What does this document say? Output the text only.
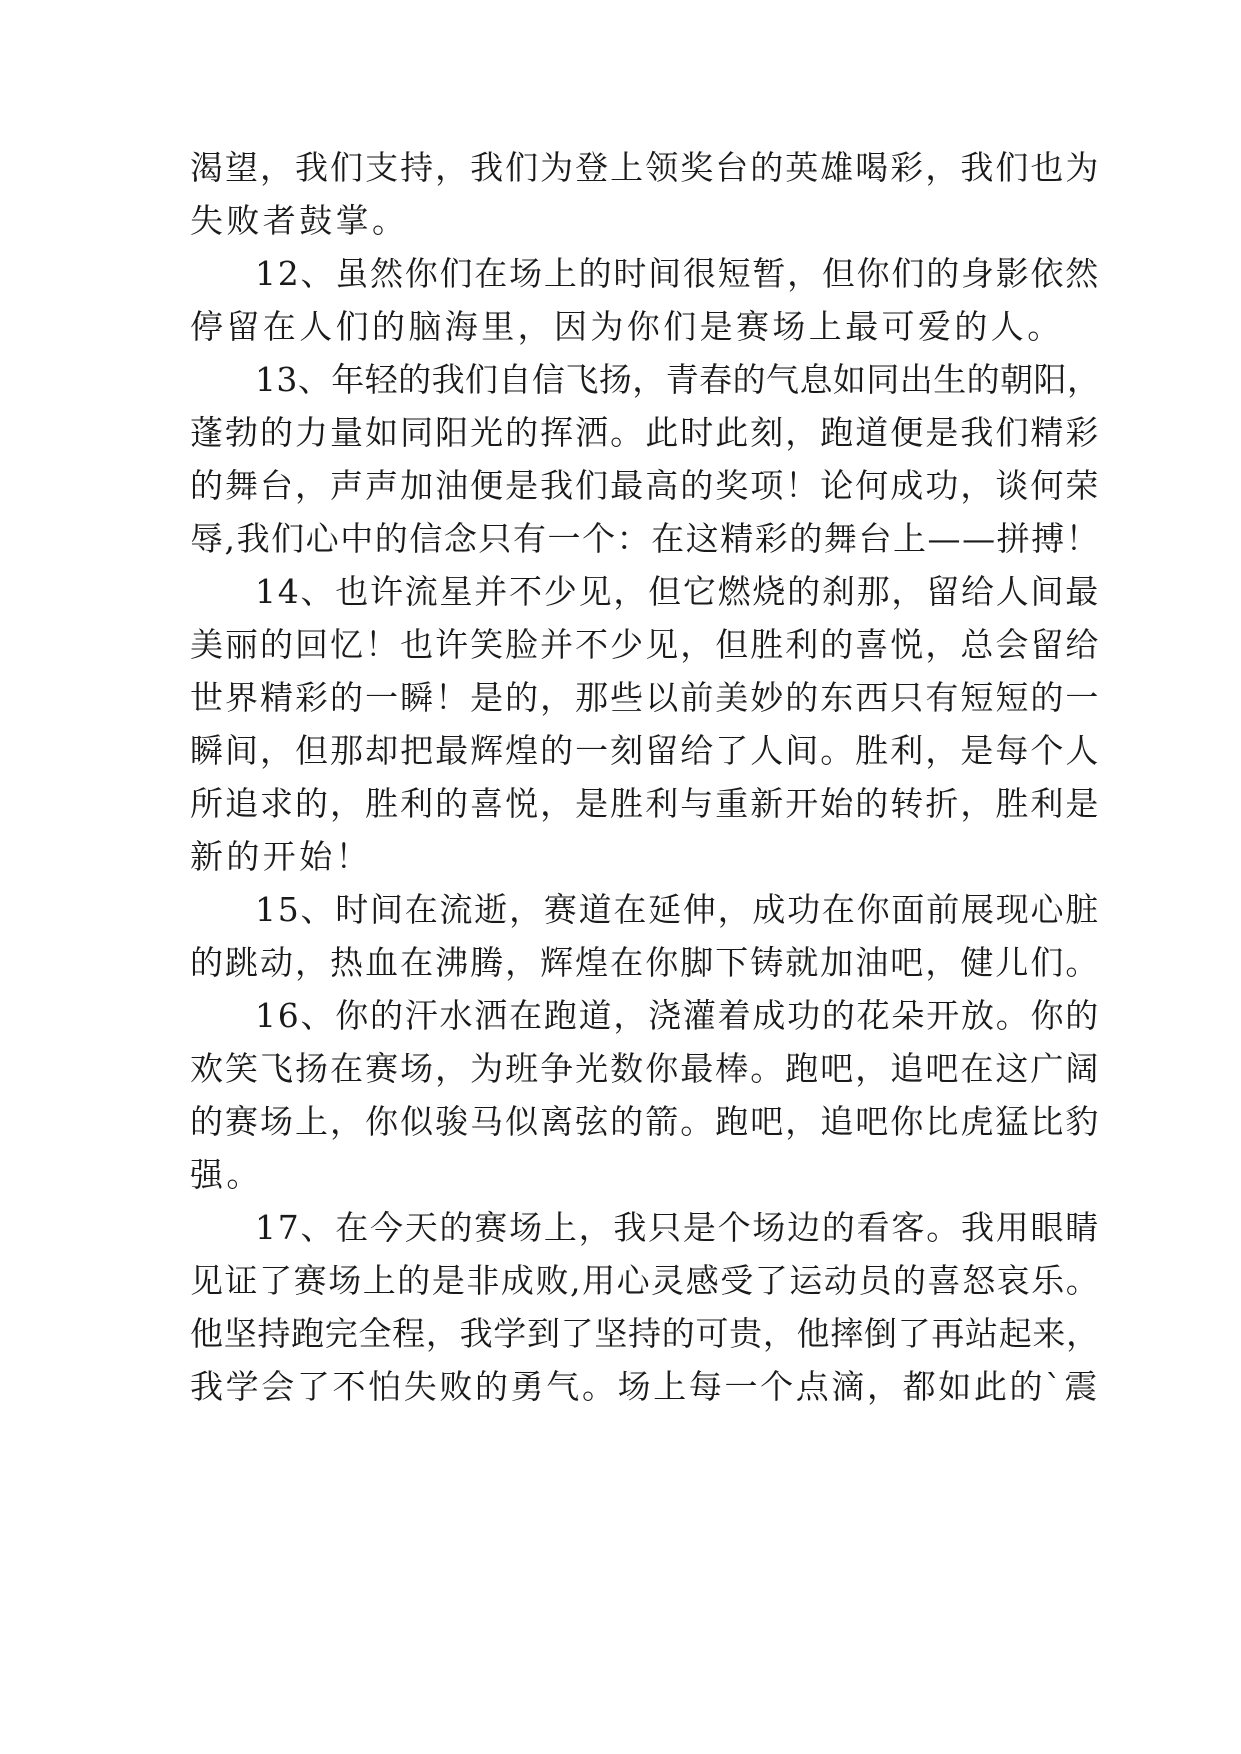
渴望，我们支持，我们为登上领奖台的英雄喝彩，我们也为
失败者鼓掌。
12、虽然你们在场上的时间很短暂，但你们的身影依然
停留在人们的脑海里，因为你们是赛场上最可爱的人。
13、年轻的我们自信飞扬，青春的气息如同出生的朝阳，
蓬勃的力量如同阳光的挥洒。此时此刻，跑道便是我们精彩
的舞台，声声加油便是我们最高的奖项！论何成功，谈何荣
辱,我们心中的信念只有一个：在这精彩的舞台上——拼搏！
14、也许流星并不少见，但它燃烧的刹那，留给人间最
美丽的回忆！也许笑脸并不少见，但胜利的喜悦，总会留给
世界精彩的一瞬！是的，那些以前美妙的东西只有短短的一
瞬间，但那却把最辉煌的一刻留给了人间。胜利，是每个人
所追求的，胜利的喜悦，是胜利与重新开始的转折，胜利是
新的开始！
15、时间在流逝，赛道在延伸，成功在你面前展现心脏
的跳动，热血在沸腾，辉煌在你脚下铸就加油吧，健儿们。
16、你的汗水洒在跑道，浇灌着成功的花朵开放。你的
欢笑飞扬在赛场，为班争光数你最棒。跑吧，追吧在这广阔
的赛场上，你似骏马似离弦的箭。跑吧，追吧你比虎猛比豹
强。
17、在今天的赛场上，我只是个场边的看客。我用眼睛
见证了赛场上的是非成败,用心灵感受了运动员的喜怒哀乐。
他坚持跑完全程，我学到了坚持的可贵，他摔倒了再站起来，
我学会了不怕失败的勇气。场上每一个点滴，都如此的`震
